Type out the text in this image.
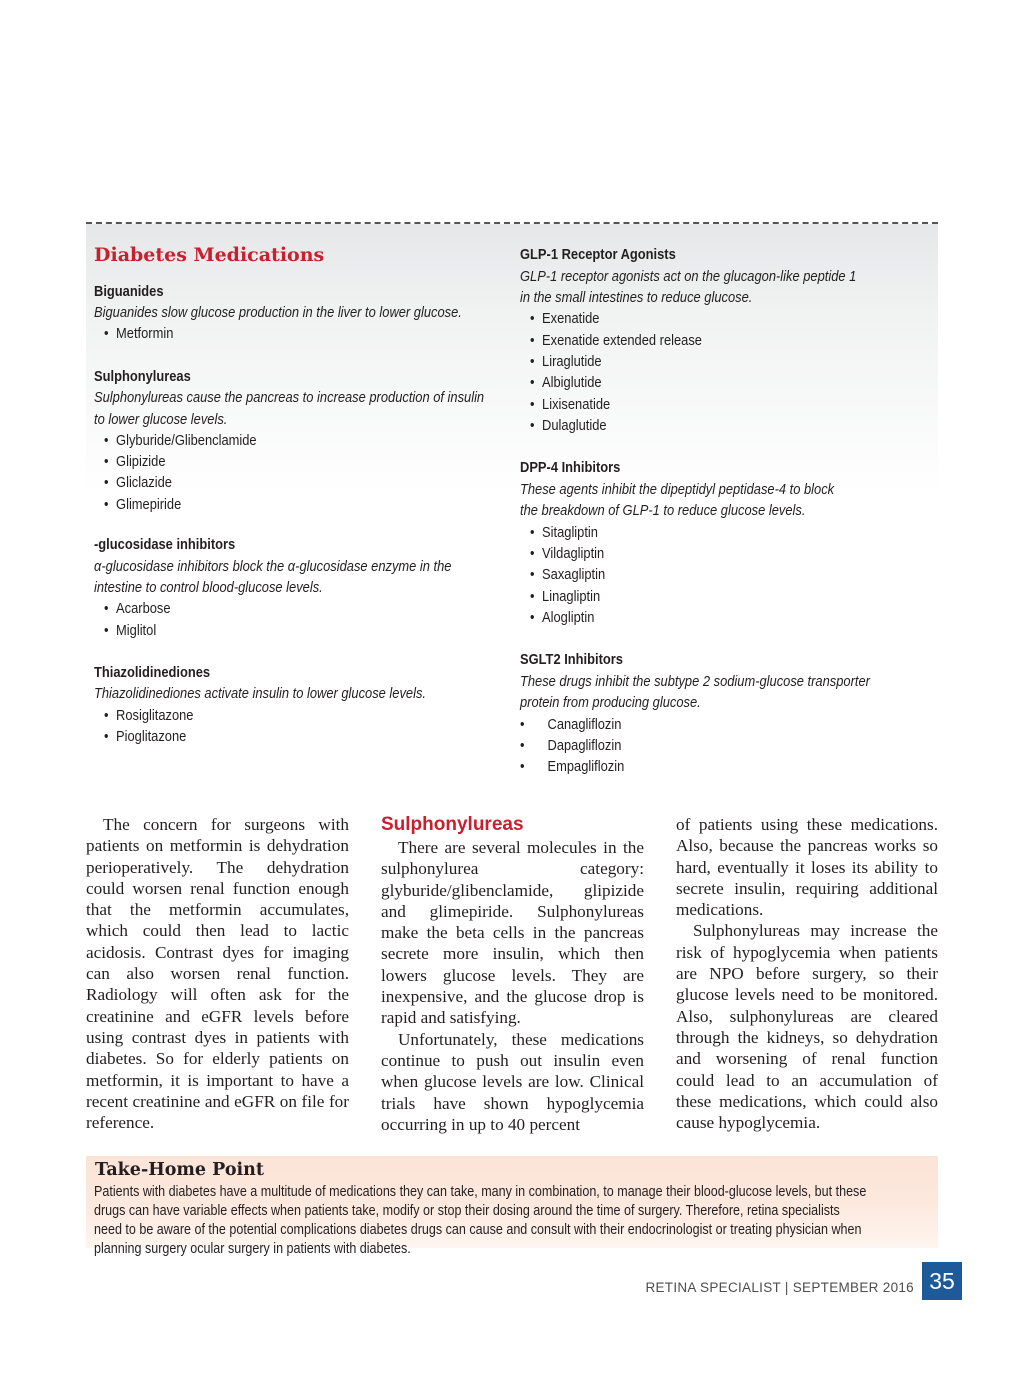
Diabetes Medications
Biguanides
Biguanides slow glucose production in the liver to lower glucose.
• Metformin
Sulphonylureas
Sulphonylureas cause the pancreas to increase production of insulin
to lower glucose levels.
• Glyburide/Glibenclamide
• Glipizide
• Gliclazide
• Glimepiride
-glucosidase inhibitors
α-glucosidase inhibitors block the α-glucosidase enzyme in the
intestine to control blood-glucose levels.
• Acarbose
• Miglitol
Thiazolidinediones
Thiazolidinediones activate insulin to lower glucose levels.
• Rosiglitazone
• Pioglitazone
GLP-1 Receptor Agonists
GLP-1 receptor agonists act on the glucagon-like peptide 1
in the small intestines to reduce glucose.
• Exenatide
• Exenatide extended release
• Liraglutide
• Albiglutide
• Lixisenatide
• Dulaglutide
DPP-4 Inhibitors
These agents inhibit the dipeptidyl peptidase-4 to block
the breakdown of GLP-1 to reduce glucose levels.
• Sitagliptin
• Vildagliptin
• Saxagliptin
• Linagliptin
• Alogliptin
SGLT2 Inhibitors
These drugs inhibit the subtype 2 sodium-glucose transporter
protein from producing glucose.
• Canagliflozin
• Dapagliflozin
• Empagliflozin

The concern for surgeons with patients on metformin is dehydration perioperatively. The dehydration could worsen renal function enough that the metformin accumulates, which could then lead to lactic acidosis. Contrast dyes for imaging can also worsen renal function. Radiology will often ask for the creatinine and eGFR levels before using contrast dyes in patients with diabetes. So for elderly patients on metformin, it is important to have a recent creatinine and eGFR on file for reference.

Sulphonylureas

There are several molecules in the sulphonylurea category: glyburide/glibenclamide, glipizide and glimepiride. Sulphonylureas make the beta cells in the pancreas secrete more insulin, which then lowers glucose levels. They are inexpensive, and the glucose drop is rapid and satisfying.

Unfortunately, these medications continue to push out insulin even when glucose levels are low. Clinical trials have shown hypoglycemia occurring in up to 40 percent

of patients using these medications. Also, because the pancreas works so hard, eventually it loses its ability to secrete insulin, requiring additional medications.

Sulphonylureas may increase the risk of hypoglycemia when patients are NPO before surgery, so their glucose levels need to be monitored. Also, sulphonylureas are cleared through the kidneys, so dehydration and worsening of renal function could lead to an accumulation of these medications, which could also cause hypoglycemia.

Take-Home Point
Patients with diabetes have a multitude of medications they can take, many in combination, to manage their blood-glucose levels, but these
drugs can have variable effects when patients take, modify or stop their dosing around the time of surgery. Therefore, retina specialists
need to be aware of the potential complications diabetes drugs can cause and consult with their endocrinologist or treating physician when
planning surgery ocular surgery in patients with diabetes.
RETINA SPECIALIST | SEPTEMBER 2016 35
